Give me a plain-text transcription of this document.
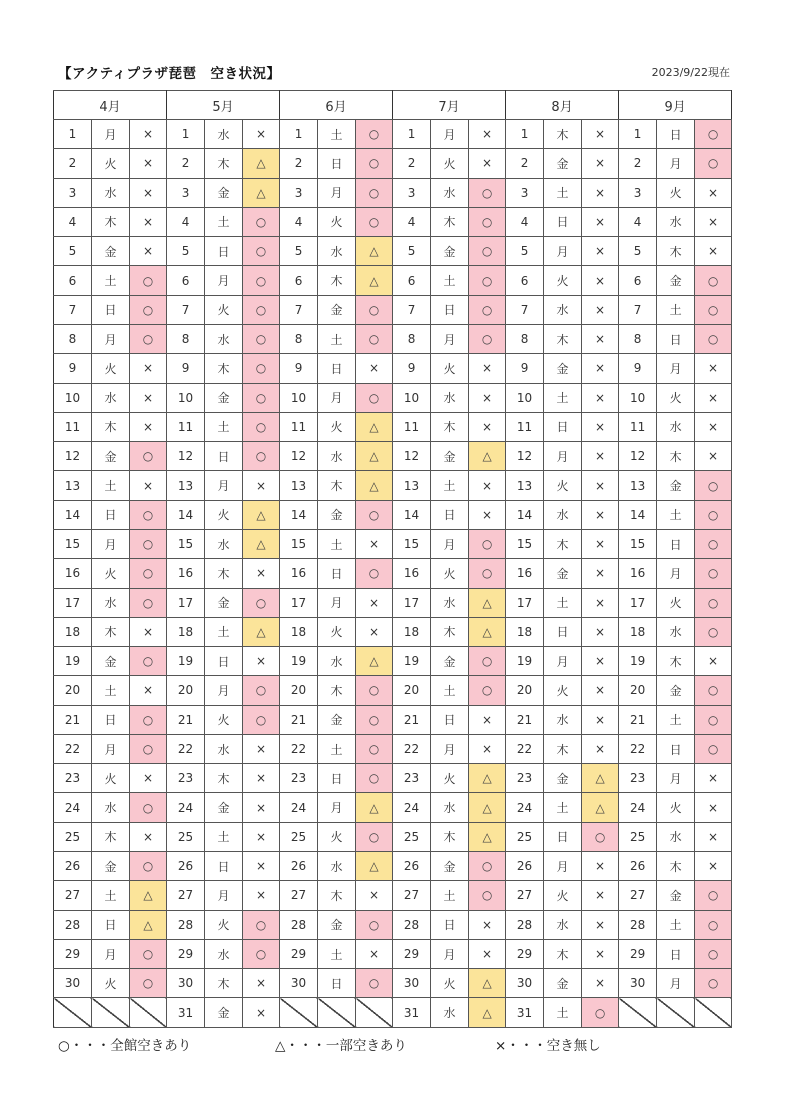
【アクティプラザ琵琶　空き状況】	2023/9/22現在
4月			5月			6月			7月			8月			9月		
1	月	×	1	水	×	1	土	○	1	月	×	1	木	×	1	日	○
2	火	×	2	木	△	2	日	○	2	火	×	2	金	×	2	月	○
3	水	×	3	金	△	3	月	○	3	水	○	3	土	×	3	火	×
4	木	×	4	土	○	4	火	○	4	木	○	4	日	×	4	水	×
5	金	×	5	日	○	5	水	△	5	金	○	5	月	×	5	木	×
6	土	○	6	月	○	6	木	△	6	土	○	6	火	×	6	金	○
7	日	○	7	火	○	7	金	○	7	日	○	7	水	×	7	土	○
8	月	○	8	水	○	8	土	○	8	月	○	8	木	×	8	日	○
9	火	×	9	木	○	9	日	×	9	火	×	9	金	×	9	月	×
10	水	×	10	金	○	10	月	○	10	水	×	10	土	×	10	火	×
11	木	×	11	土	○	11	火	△	11	木	×	11	日	×	11	水	×
12	金	○	12	日	○	12	水	△	12	金	△	12	月	×	12	木	×
13	土	×	13	月	×	13	木	△	13	土	×	13	火	×	13	金	○
14	日	○	14	火	△	14	金	○	14	日	×	14	水	×	14	土	○
15	月	○	15	水	△	15	土	×	15	月	○	15	木	×	15	日	○
16	火	○	16	木	×	16	日	○	16	火	○	16	金	×	16	月	○
17	水	○	17	金	○	17	月	×	17	水	△	17	土	×	17	火	○
18	木	×	18	土	△	18	火	×	18	木	△	18	日	×	18	水	○
19	金	○	19	日	×	19	水	△	19	金	○	19	月	×	19	木	×
20	土	×	20	月	○	20	木	○	20	土	○	20	火	×	20	金	○
21	日	○	21	火	○	21	金	○	21	日	×	21	水	×	21	土	○
22	月	○	22	水	×	22	土	○	22	月	×	22	木	×	22	日	○
23	火	×	23	木	×	23	日	○	23	火	△	23	金	△	23	月	×
24	水	○	24	金	×	24	月	△	24	水	△	24	土	△	24	火	×
25	木	×	25	土	×	25	火	○	25	木	△	25	日	○	25	水	×
26	金	○	26	日	×	26	水	△	26	金	○	26	月	×	26	木	×
27	土	△	27	月	×	27	木	×	27	土	○	27	火	×	27	金	○
28	日	△	28	火	○	28	金	○	28	日	×	28	水	×	28	土	○
29	月	○	29	水	○	29	土	×	29	月	×	29	木	×	29	日	○
30	火	○	30	木	×	30	日	○	30	火	△	30	金	×	30	月	○
			31	金	×				31	水	△	31	土	○			
○・・・全館空きあり	△・・・一部空きあり	×・・・空き無し
